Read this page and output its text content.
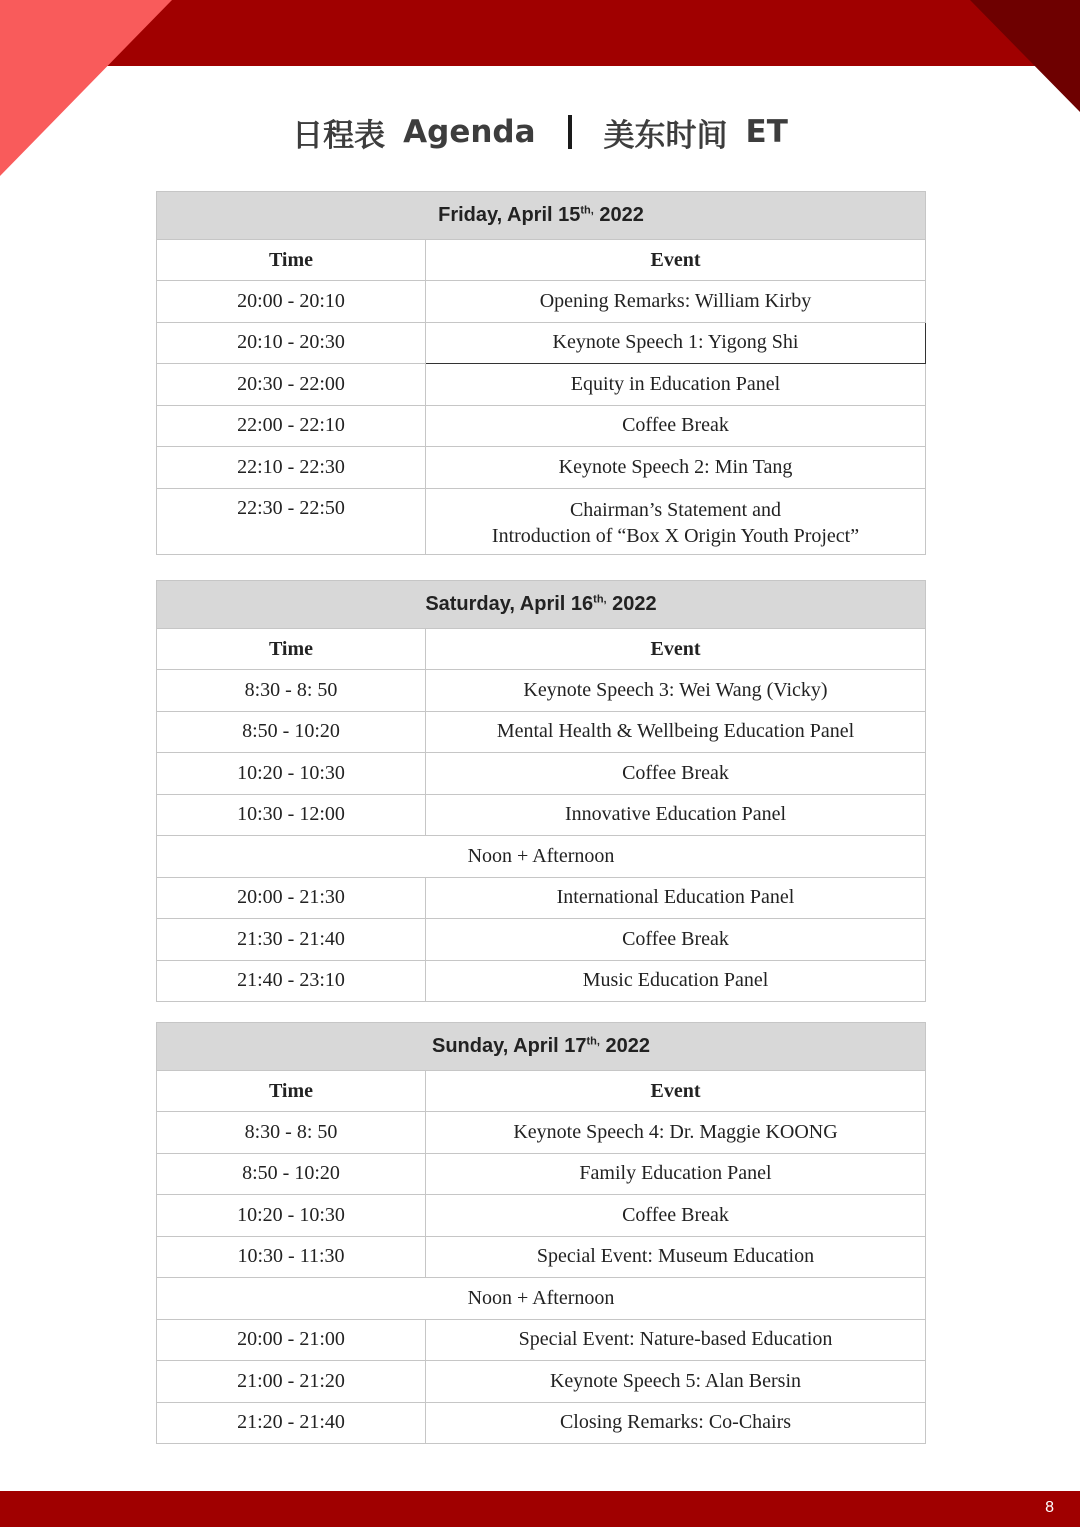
日程表 Agenda 美东时间 ET
Friday, April $15^{th,}$ 2022	
Time	Event
20:00 - 20:10	Opening Remarks: William Kirby
20:10 - 20:30	Keynote Speech 1: Yigong Shi
20:30 - 22:00	Equity in Education Panel
22:00 - 22:10	Coffee Break
22:10 - 22:30	Keynote Speech 2: Min Tang
22:30 - 22:50	Chairman’s Statement and
Introduction of “Box X Origin Youth Project”
Saturday, April $16^{th,}$ 2022	
Time	Event
8:30 - 8: 50	Keynote Speech 3: Wei Wang (Vicky)
8:50 - 10:20	Mental Health & Wellbeing Education Panel
10:20 - 10:30	Coffee Break
10:30 - 12:00	Innovative Education Panel
Noon + Afternoon	
20:00 - 21:30	International Education Panel
21:30 - 21:40	Coffee Break
21:40 - 23:10	Music Education Panel
Sunday, April $17^{th,}$ 2022	
Time	Event
8:30 - 8: 50	Keynote Speech 4: Dr. Maggie KOONG
8:50 - 10:20	Family Education Panel
10:20 - 10:30	Coffee Break
10:30 - 11:30	Special Event: Museum Education
Noon + Afternoon	
20:00 - 21:00	Special Event: Nature-based Education
21:00 - 21:20	Keynote Speech 5: Alan Bersin
21:20 - 21:40	Closing Remarks: Co-Chairs
8
